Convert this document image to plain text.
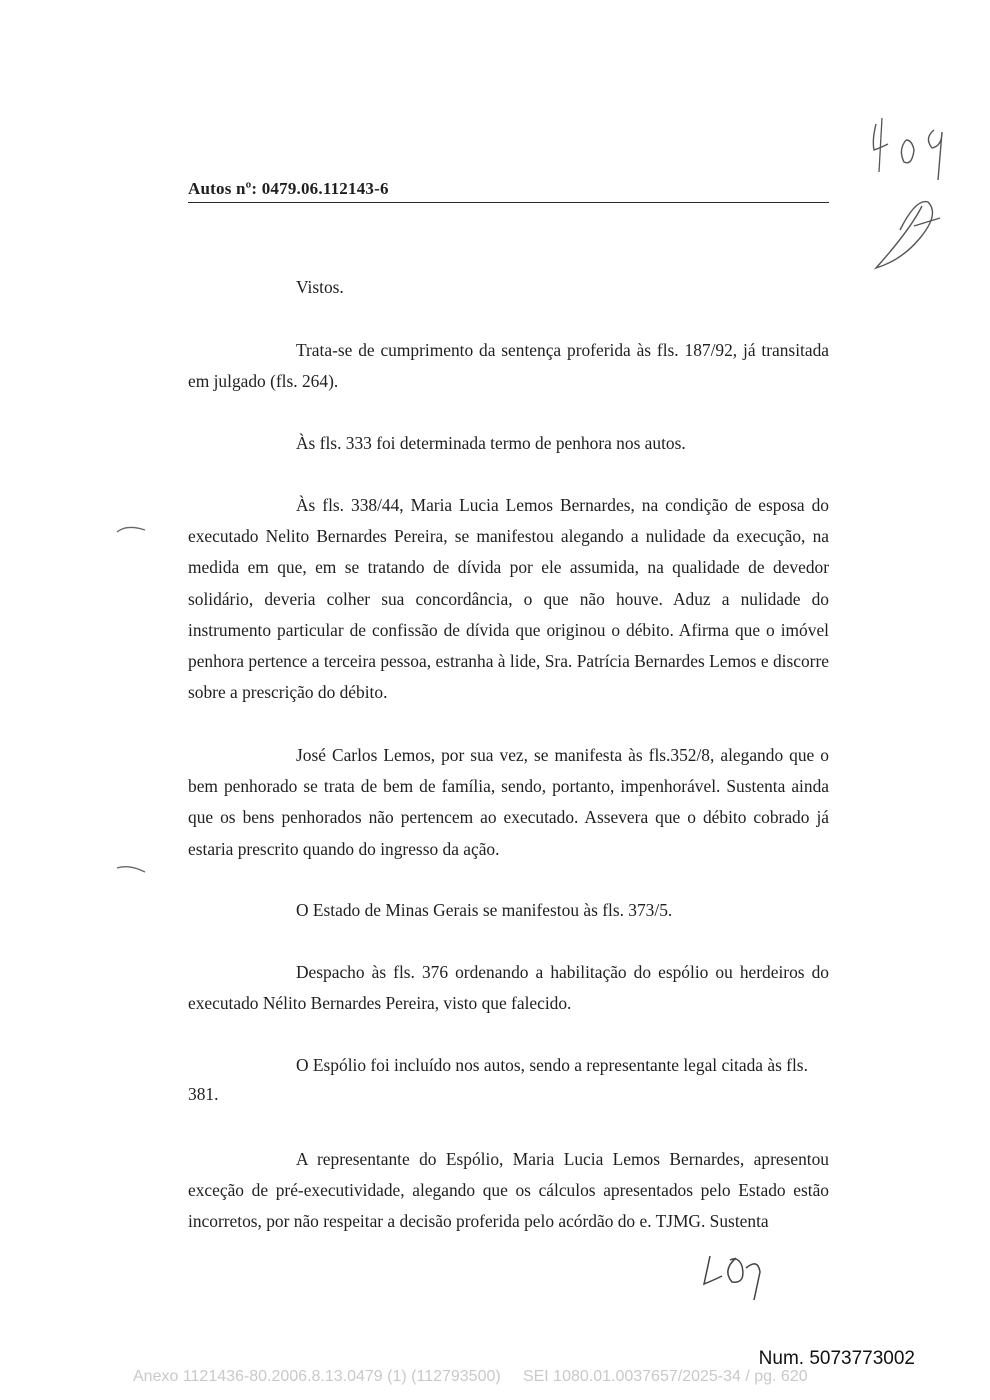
Autos nº: 0479.06.112143-6
Vistos.

Trata-se de cumprimento da sentença proferida às fls. 187/92, já transitada em julgado (fls. 264).

Às fls. 333 foi determinada termo de penhora nos autos.

Às fls. 338/44, Maria Lucia Lemos Bernardes, na condição de esposa do executado Nelito Bernardes Pereira, se manifestou alegando a nulidade da execução, na medida em que, em se tratando de dívida por ele assumida, na qualidade de devedor solidário, deveria colher sua concordância, o que não houve. Aduz a nulidade do instrumento particular de confissão de dívida que originou o débito. Afirma que o imóvel penhora pertence a terceira pessoa, estranha à lide, Sra. Patrícia Bernardes Lemos e discorre sobre a prescrição do débito.

José Carlos Lemos, por sua vez, se manifesta às fls.352/8, alegando que o bem penhorado se trata de bem de família, sendo, portanto, impenhorável. Sustenta ainda que os bens penhorados não pertencem ao executado. Assevera que o débito cobrado já estaria prescrito quando do ingresso da ação.

O Estado de Minas Gerais se manifestou às fls. 373/5.

Despacho às fls. 376 ordenando a habilitação do espólio ou herdeiros do executado Nélito Bernardes Pereira, visto que falecido.

O Espólio foi incluído nos autos, sendo a representante legal citada às fls.

381.

A representante do Espólio, Maria Lucia Lemos Bernardes, apresentou exceção de pré-executividade, alegando que os cálculos apresentados pelo Estado estão incorretos, por não respeitar a decisão proferida pelo acórdão do e. TJMG. Sustenta

Num. 5073773002
Anexo 1121436-80.2006.8.13.0479 (1) (112793500) SEI 1080.01.0037657/2025-34 / pg. 620
